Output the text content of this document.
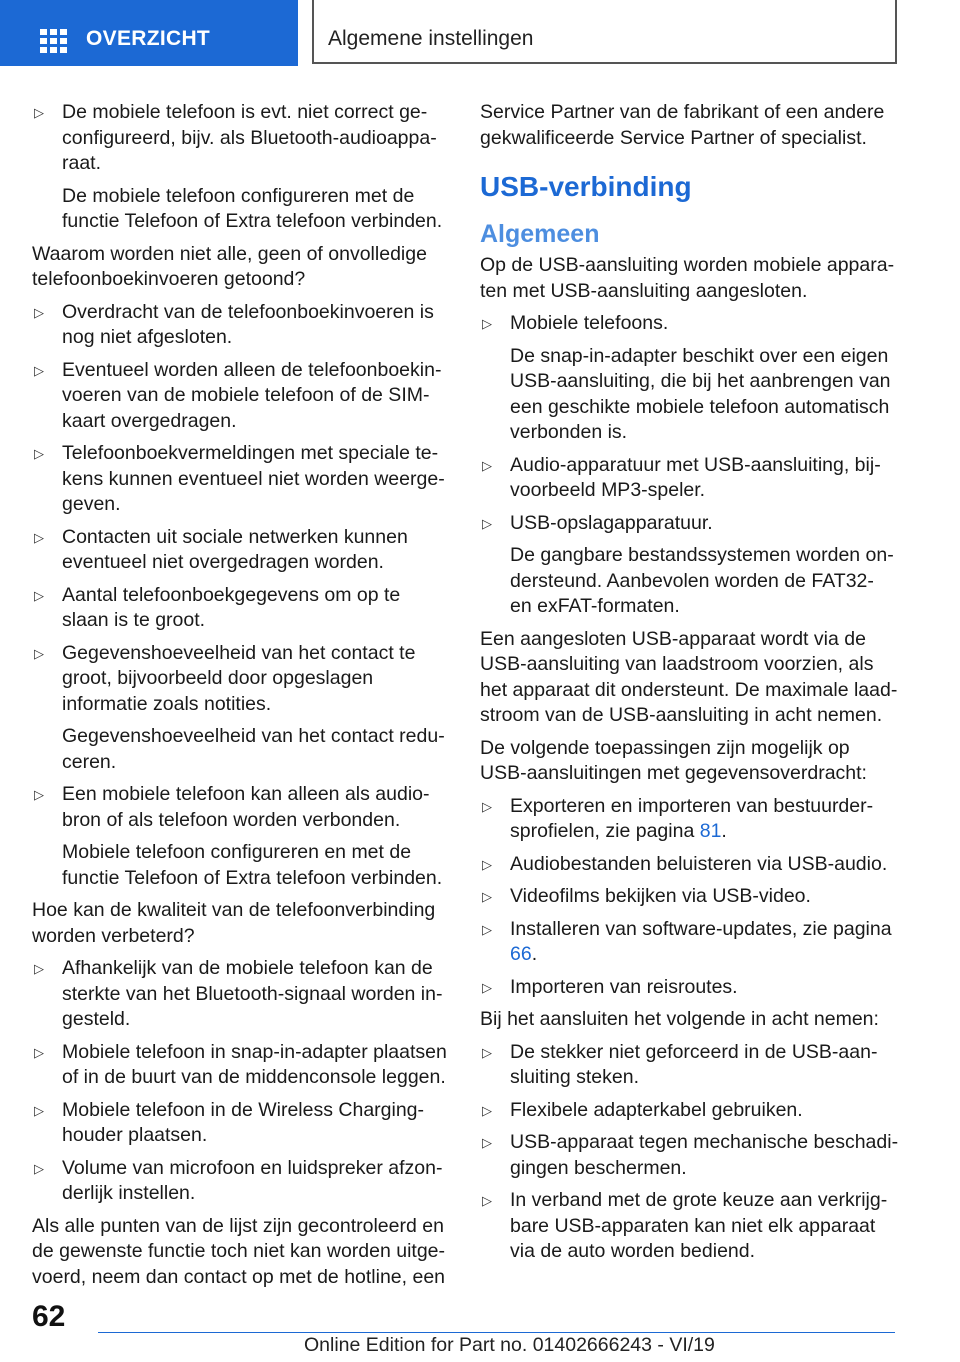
OVERZICHT	Algemene instellingen
▷ De mobiele telefoon is evt. niet correct geconfigureerd, bijv. als Bluetooth-audioapparaat.
De mobiele telefoon configureren met de functie Telefoon of Extra telefoon verbinden.
Waarom worden niet alle, geen of onvolledige telefoonboekinvoeren getoond?
▷ Overdracht van de telefoonboekinvoeren is nog niet afgesloten.
▷ Eventueel worden alleen de telefoonboekinvoeren van de mobiele telefoon of de SIM-kaart overgedragen.
▷ Telefoonboekvermeldingen met speciale tekens kunnen eventueel niet worden weergegeven.
▷ Contacten uit sociale netwerken kunnen eventueel niet overgedragen worden.
▷ Aantal telefoonboekgegevens om op te slaan is te groot.
▷ Gegevenshoeveelheid van het contact te groot, bijvoorbeeld door opgeslagen informatie zoals notities.
Gegevenshoeveelheid van het contact reduceren.
▷ Een mobiele telefoon kan alleen als audiobron of als telefoon worden verbonden.
Mobiele telefoon configureren en met de functie Telefoon of Extra telefoon verbinden.
Hoe kan de kwaliteit van de telefoonverbinding worden verbeterd?
▷ Afhankelijk van de mobiele telefoon kan de sterkte van het Bluetooth-signaal worden ingesteld.
▷ Mobiele telefoon in snap-in-adapter plaatsen of in de buurt van de middenconsole leggen.
▷ Mobiele telefoon in de Wireless Charging-houder plaatsen.
▷ Volume van microfoon en luidspreker afzonderlijk instellen.
Als alle punten van de lijst zijn gecontroleerd en de gewenste functie toch niet kan worden uitgevoerd, neem dan contact op met de hotline, een
Service Partner van de fabrikant of een andere gekwalificeerde Service Partner of specialist.
USB-verbinding
Algemeen
Op de USB-aansluiting worden mobiele apparaten met USB-aansluiting aangesloten.
▷ Mobiele telefoons.
De snap-in-adapter beschikt over een eigen USB-aansluiting, die bij het aanbrengen van een geschikte mobiele telefoon automatisch verbonden is.
▷ Audio-apparatuur met USB-aansluiting, bijvoorbeeld MP3-speler.
▷ USB-opslagapparatuur.
De gangbare bestandssystemen worden ondersteund. Aanbevolen worden de FAT32- en exFAT-formaten.
Een aangesloten USB-apparaat wordt via de USB-aansluiting van laadstroom voorzien, als het apparaat dit ondersteunt. De maximale laadstroom van de USB-aansluiting in acht nemen.
De volgende toepassingen zijn mogelijk op USB-aansluitingen met gegevensoverdracht:
▷ Exporteren en importeren van bestuurdersprofielen, zie pagina 81.
▷ Audiobestanden beluisteren via USB-audio.
▷ Videofilms bekijken via USB-video.
▷ Installeren van software-updates, zie pagina 66.
▷ Importeren van reisroutes.
Bij het aansluiten het volgende in acht nemen:
▷ De stekker niet geforceerd in de USB-aansluiting steken.
▷ Flexibele adapterkabel gebruiken.
▷ USB-apparaat tegen mechanische beschadigingen beschermen.
▷ In verband met de grote keuze aan verkrijgbare USB-apparaten kan niet elk apparaat via de auto worden bediend.
62
Online Edition for Part no. 01402666243 - VI/19
